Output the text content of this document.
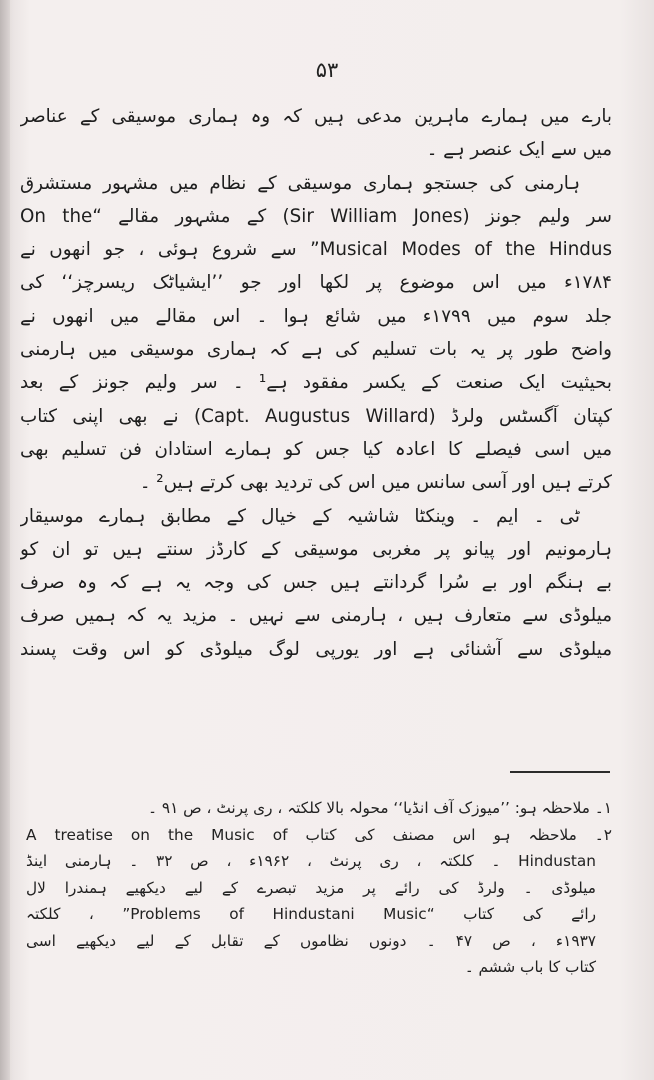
۵۳
بارے میں ہمارے ماہرین مدعی ہیں کہ وہ ہماری موسیقی کے عناصر
میں سے ایک عنصر ہے ۔
ہارمنی کی جستجو ہماری موسیقی کے نظام میں مشہور مستشرق
سر ولیم جونز (Sir William Jones) کے مشہور مقالے “On the
Musical Modes of the Hindus” سے شروع ہوئی ، جو انھوں نے
۱۷۸۴ء میں اس موضوع پر لکھا اور جو ’’ایشیاٹک ریسرچز‘‘ کی
جلد سوم میں ۱۷۹۹ء میں شائع ہوا ۔ اس مقالے میں انھوں نے
واضح طور پر یہ بات تسلیم کی ہے کہ ہماری موسیقی میں ہارمنی
بحیثیت ایک صنعت کے یکسر مفقود ہے¹ ۔ سر ولیم جونز کے بعد
کپتان آگسٹس ولرڈ (Capt. Augustus Willard) نے بھی اپنی کتاب
میں اسی فیصلے کا اعادہ کیا جس کو ہمارے استادان فن تسلیم بھی
کرتے ہیں اور آسی سانس میں اس کی تردید بھی کرتے ہیں² ۔
ٹی ۔ ایم ۔ وینکٹا شاشیہ کے خیال کے مطابق ہمارے موسیقار
ہارمونیم اور پیانو پر مغربی موسیقی کے کارڈز سنتے ہیں تو ان کو
بے ہنگم اور بے سُرا گردانتے ہیں جس کی وجہ یہ ہے کہ وہ صرف
میلوڈی سے متعارف ہیں ، ہارمنی سے نہیں ۔ مزید یہ کہ ہمیں صرف
میلوڈی سے آشنائی ہے اور یورپی لوگ میلوڈی کو اس وقت پسند
۱۔ ملاحظہ ہو: ’’میوزک آف انڈیا‘‘ محولہ بالا کلکتہ ، ری پرنٹ ، ص ۹۱ ۔
۲۔ ملاحظہ ہو اس مصنف کی کتاب A treatise on the Music of
Hindustan ۔ کلکتہ ، ری پرنٹ ، ۱۹۶۲ء ، ص ۳۲ ۔ ہارمنی اینڈ
میلوڈی ۔ ولرڈ کی رائے پر مزید تبصرے کے لیے دیکھیے ہمندرا لال
رائے کی کتاب “Problems of Hindustani Music” ، کلکتہ
۱۹۳۷ء ، ص ۴۷ ۔ دونوں نظاموں کے تقابل کے لیے دیکھیے اسی
کتاب کا باب ششم ۔
